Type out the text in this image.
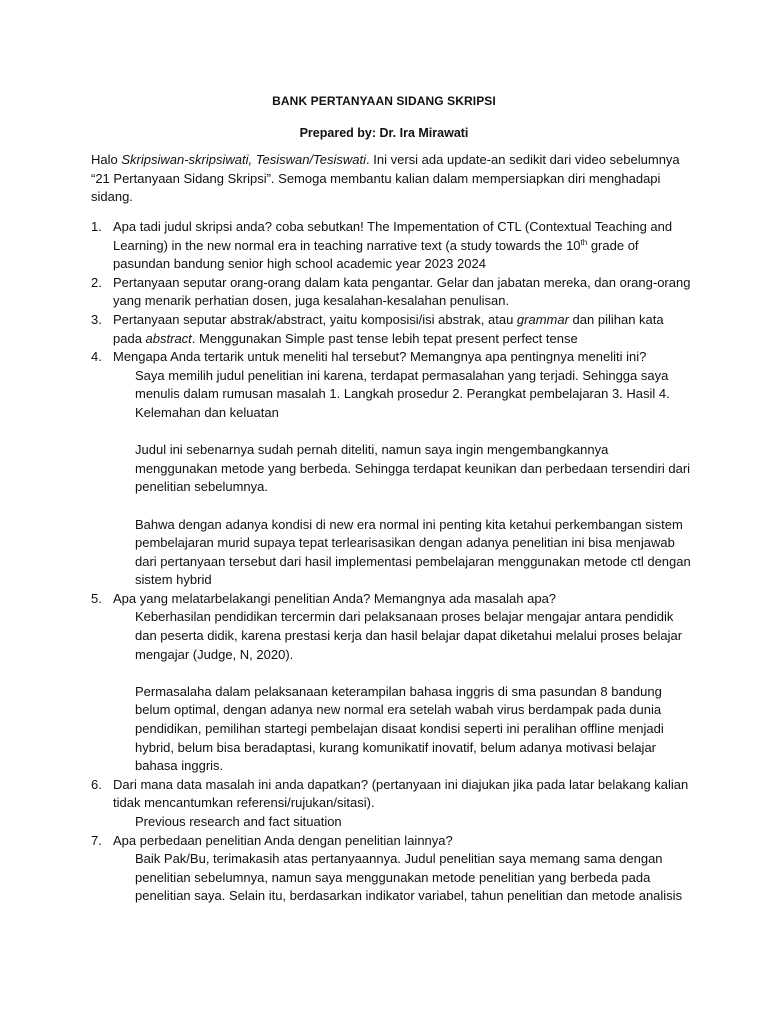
BANK PERTANYAAN SIDANG SKRIPSI
Prepared by: Dr. Ira Mirawati
Halo Skripsiwan-skripsiwati, Tesiswan/Tesiswati. Ini versi ada update-an sedikit dari video sebelumnya “21 Pertanyaan Sidang Skripsi”. Semoga membantu kalian dalam mempersiapkan diri menghadapi sidang.
1. Apa tadi judul skripsi anda? coba sebutkan! The Impementation of CTL (Contextual Teaching and Learning) in the new normal era in teaching narrative text (a study towards the 10th grade of pasundan bandung senior high school academic year 2023 2024
2. Pertanyaan seputar orang-orang dalam kata pengantar. Gelar dan jabatan mereka, dan orang-orang yang menarik perhatian dosen, juga kesalahan-kesalahan penulisan.
3. Pertanyaan seputar abstrak/abstract, yaitu komposisi/isi abstrak, atau grammar dan pilihan kata pada abstract. Menggunakan Simple past tense lebih tepat present perfect tense
4. Mengapa Anda tertarik untuk meneliti hal tersebut? Memangnya apa pentingnya meneliti ini?
Saya memilih judul penelitian ini karena, terdapat permasalahan yang terjadi. Sehingga saya menulis dalam rumusan masalah 1. Langkah prosedur 2. Perangkat pembelajaran 3. Hasil 4. Kelemahan dan keluatan
Judul ini sebenarnya sudah pernah diteliti, namun saya ingin mengembangkannya menggunakan metode yang berbeda. Sehingga terdapat keunikan dan perbedaan tersendiri dari penelitian sebelumnya.
Bahwa dengan adanya kondisi di new era normal ini penting kita ketahui perkembangan sistem pembelajaran murid supaya tepat terlearisasikan dengan adanya penelitian ini bisa menjawab dari pertanyaan tersebut dari hasil implementasi pembelajaran menggunakan metode ctl dengan sistem hybrid
5. Apa yang melatarbelakangi penelitian Anda? Memangnya ada masalah apa?
Keberhasilan pendidikan tercermin dari pelaksanaan proses belajar mengajar antara pendidik dan peserta didik, karena prestasi kerja dan hasil belajar dapat diketahui melalui proses belajar mengajar (Judge, N, 2020).
Permasalaha dalam pelaksanaan keterampilan bahasa inggris di sma pasundan 8 bandung belum optimal, dengan adanya new normal era setelah wabah virus berdampak pada dunia pendidikan, pemilihan startegi pembelajan disaat kondisi seperti ini peralihan offline menjadi hybrid, belum bisa beradaptasi, kurang komunikatif inovatif, belum adanya motivasi belajar bahasa inggris.
6. Dari mana data masalah ini anda dapatkan? (pertanyaan ini diajukan jika pada latar belakang kalian tidak mencantumkan referensi/rujukan/sitasi).
Previous research and fact situation
7. Apa perbedaan penelitian Anda dengan penelitian lainnya?
Baik Pak/Bu, terimakasih atas pertanyaannya. Judul penelitian saya memang sama dengan penelitian sebelumnya, namun saya menggunakan metode penelitian yang berbeda pada penelitian saya. Selain itu, berdasarkan indikator variabel, tahun penelitian dan metode analisis
